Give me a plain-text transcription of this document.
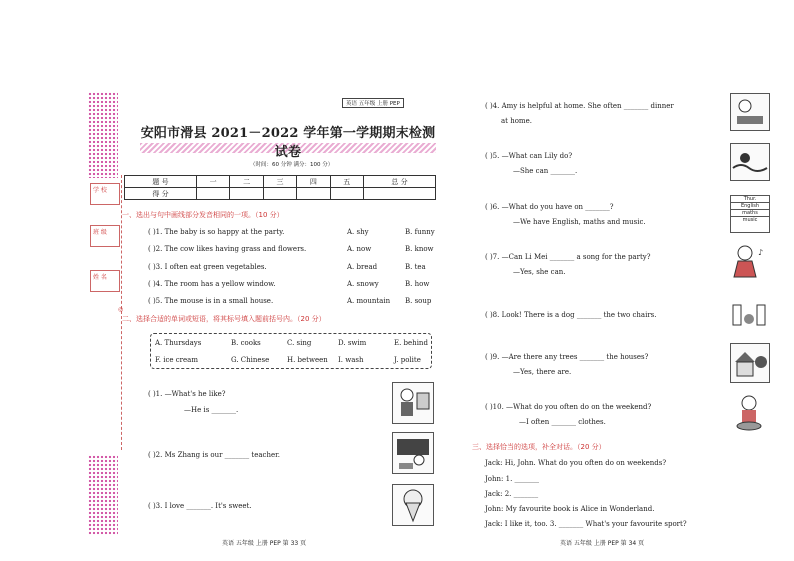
学 校
班 级
姓 名
◎
英语 五年级 上册 PEP
安阳市滑县 2021－2022 学年第一学期期末检测试卷
（时间：60 分钟 满分：100 分）
题 号	一	二	三	四	五	总 分
得 分						
一、选出与句中画线部分发音相同的一项。（10 分）
( )1. The baby is so happy at the party.	A. shy	B. funny
( )2. The cow likes having grass and flowers.	A. now	B. know
( )3. I often eat green vegetables.	A. bread	B. tea
( )4. The room has a yellow window.	A. snowy	B. how
( )5. The mouse is in a small house.	A. mountain B. soup
二、选择合适的单词或短语，将其标号填入题前括号内。（20 分）
A. Thursdays	B. cooks	C. sing	D. swim	E. behind
F. ice cream	G. Chinese	H. between I. wash	J. polite
( )1. —What's he like?
—He is _______.
( )2. Ms Zhang is our _______ teacher.
( )3. I love _______. It's sweet.
英语 五年级 上册 PEP 第 33 页
( )4. Amy is helpful at home. She often _______ dinner
at home.
( )5. —What can Lily do?
—She can _______.
( )6. —What do you have on _______?
—We have English, maths and music.
Thur.
English
maths
music
( )7. —Can Li Mei _______ a song for the party?
—Yes, she can.
♪
( )8. Look! There is a dog _______ the two chairs.
( )9. —Are there any trees _______ the houses?
—Yes, there are.
( )10. —What do you often do on the weekend?
—I often _______ clothes.
三、选择恰当的选项，补全对话。（20 分）
Jack: Hi, John. What do you often do on weekends?
John: 1. _______
Jack: 2. _______
John: My favourite book is Alice in Wonderland.
Jack: I like it, too. 3. _______ What's your favourite sport?
英语 五年级 上册 PEP 第 34 页
